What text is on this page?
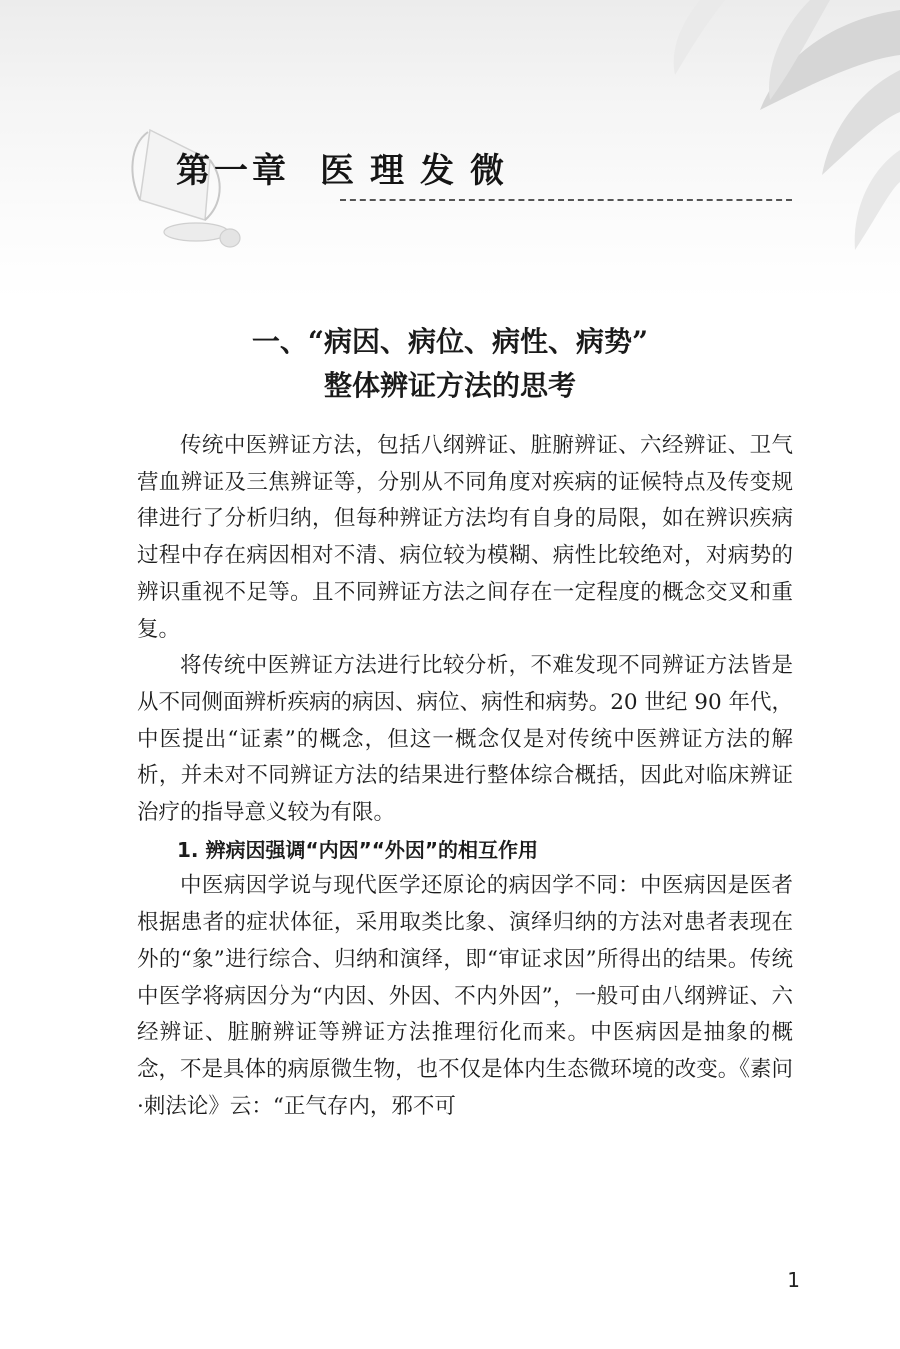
第一章 医理发微
一、“病因、病位、病性、病势”
整体辨证方法的思考

传统中医辨证方法，包括八纲辨证、脏腑辨证、六经辨证、卫气营血辨证及三焦辨证等，分别从不同角度对疾病的证候特点及传变规律进行了分析归纳，但每种辨证方法均有自身的局限，如在辨识疾病过程中存在病因相对不清、病位较为模糊、病性比较绝对，对病势的辨识重视不足等。且不同辨证方法之间存在一定程度的概念交叉和重复。

将传统中医辨证方法进行比较分析，不难发现不同辨证方法皆是从不同侧面辨析疾病的病因、病位、病性和病势。20 世纪 90 年代，中医提出“证素”的概念，但这一概念仅是对传统中医辨证方法的解析，并未对不同辨证方法的结果进行整体综合概括，因此对临床辨证治疗的指导意义较为有限。

1. 辨病因强调“内因”“外因”的相互作用

中医病因学说与现代医学还原论的病因学不同：中医病因是医者根据患者的症状体征，采用取类比象、演绎归纳的方法对患者表现在外的“象”进行综合、归纳和演绎，即“审证求因”所得出的结果。传统中医学将病因分为“内因、外因、不内外因”，一般可由八纲辨证、六经辨证、脏腑辨证等辨证方法推理衍化而来。中医病因是抽象的概念，不是具体的病原微生物，也不仅是体内生态微环境的改变。《素问·刺法论》云：“正气存内，邪不可

1
